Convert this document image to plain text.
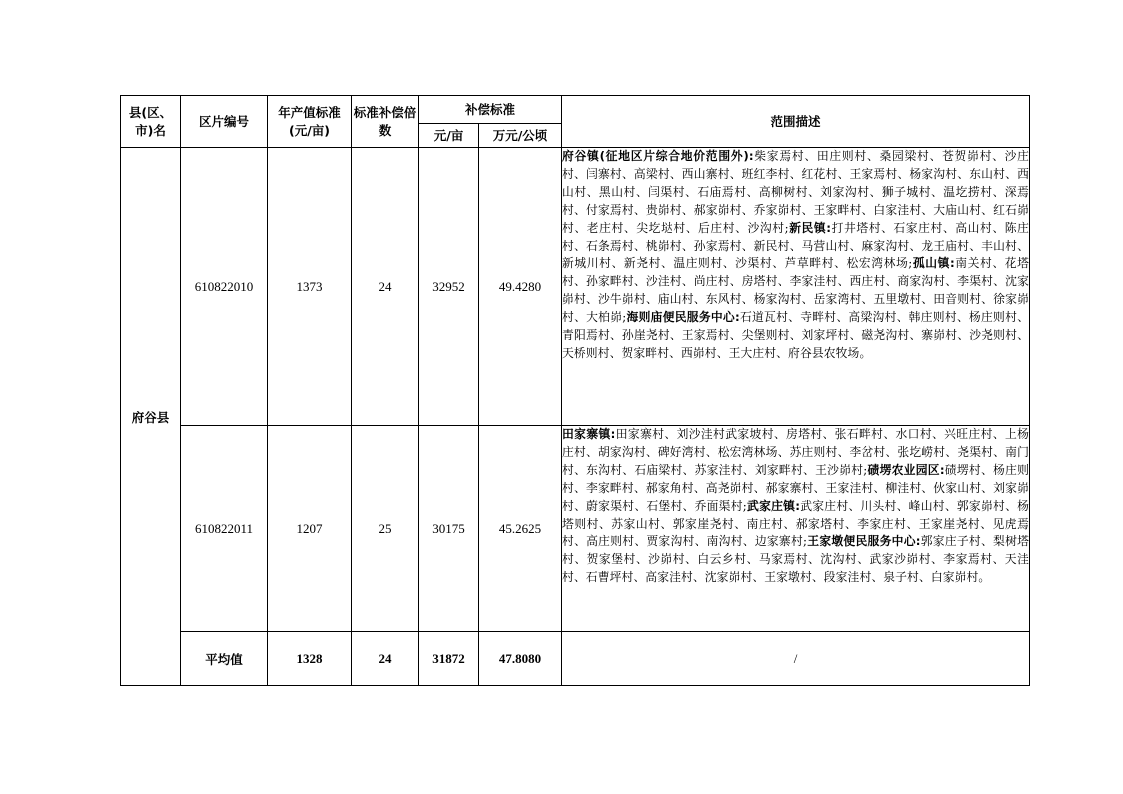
县(区、市)名	区片编号	年产值标准(元/亩)	标准补偿倍数	补偿标准		范围描述
				元/亩	万元/公顷	
府谷县	610822010	1373	24	32952	49.4280	府谷镇(征地区片综合地价范围外):柴家焉村、田庄则村、桑园梁村、苍贺峁村、沙庄村、闫寨村、高梁村、西山寨村、班红李村、红花村、王家焉村、杨家沟村、东山村、西山村、黑山村、闫渠村、石庙焉村、高柳树村、刘家沟村、狮子城村、温圪捞村、深焉村、付家焉村、贵峁村、郝家峁村、乔家峁村、王家畔村、白家洼村、大庙山村、红石峁村、老庄村、尖圪垯村、后庄村、沙沟村;新民镇:打井塔村、石家庄村、高山村、陈庄村、石条焉村、桃峁村、孙家焉村、新民村、马营山村、麻家沟村、龙王庙村、丰山村、新城川村、新尧村、温庄则村、沙渠村、芦草畔村、松宏湾林场;孤山镇:南关村、花塔村、孙家畔村、沙洼村、尚庄村、房塔村、李家洼村、西庄村、商家沟村、李渠村、沈家峁村、沙牛峁村、庙山村、东风村、杨家沟村、岳家湾村、五里墩村、田音则村、徐家峁村、大柏峁;海则庙便民服务中心:石道瓦村、寺畔村、高梁沟村、韩庄则村、杨庄则村、青阳焉村、孙崖尧村、王家焉村、尖堡则村、刘家坪村、磁尧沟村、寨峁村、沙尧则村、天桥则村、贺家畔村、西峁村、王大庄村、府谷县农牧场。
	610822011	1207	25	30175	45.2625	田家寨镇:田家寨村、刘沙洼村武家坡村、房塔村、张石畔村、水口村、兴旺庄村、上杨庄村、胡家沟村、碑好湾村、松宏湾林场、苏庄则村、李岔村、张圪崂村、尧渠村、南门村、东沟村、石庙梁村、苏家洼村、刘家畔村、王沙峁村;碛塄农业园区:碛塄村、杨庄则村、李家畔村、郝家角村、高尧峁村、郝家寨村、王家洼村、柳洼村、伙家山村、刘家峁村、蔚家渠村、石堡村、乔面渠村;武家庄镇:武家庄村、川头村、峰山村、郭家峁村、杨塔则村、苏家山村、郭家崖尧村、南庄村、郝家塔村、李家庄村、王家崖尧村、见虎焉村、高庄则村、贾家沟村、南沟村、边家寨村;王家墩便民服务中心:郭家庄子村、梨树塔村、贺家堡村、沙峁村、白云乡村、马家焉村、沈沟村、武家沙峁村、李家焉村、天洼村、石曹坪村、高家洼村、沈家峁村、王家墩村、段家洼村、泉子村、白家峁村。
	平均值	1328	24	31872	47.8080	/
